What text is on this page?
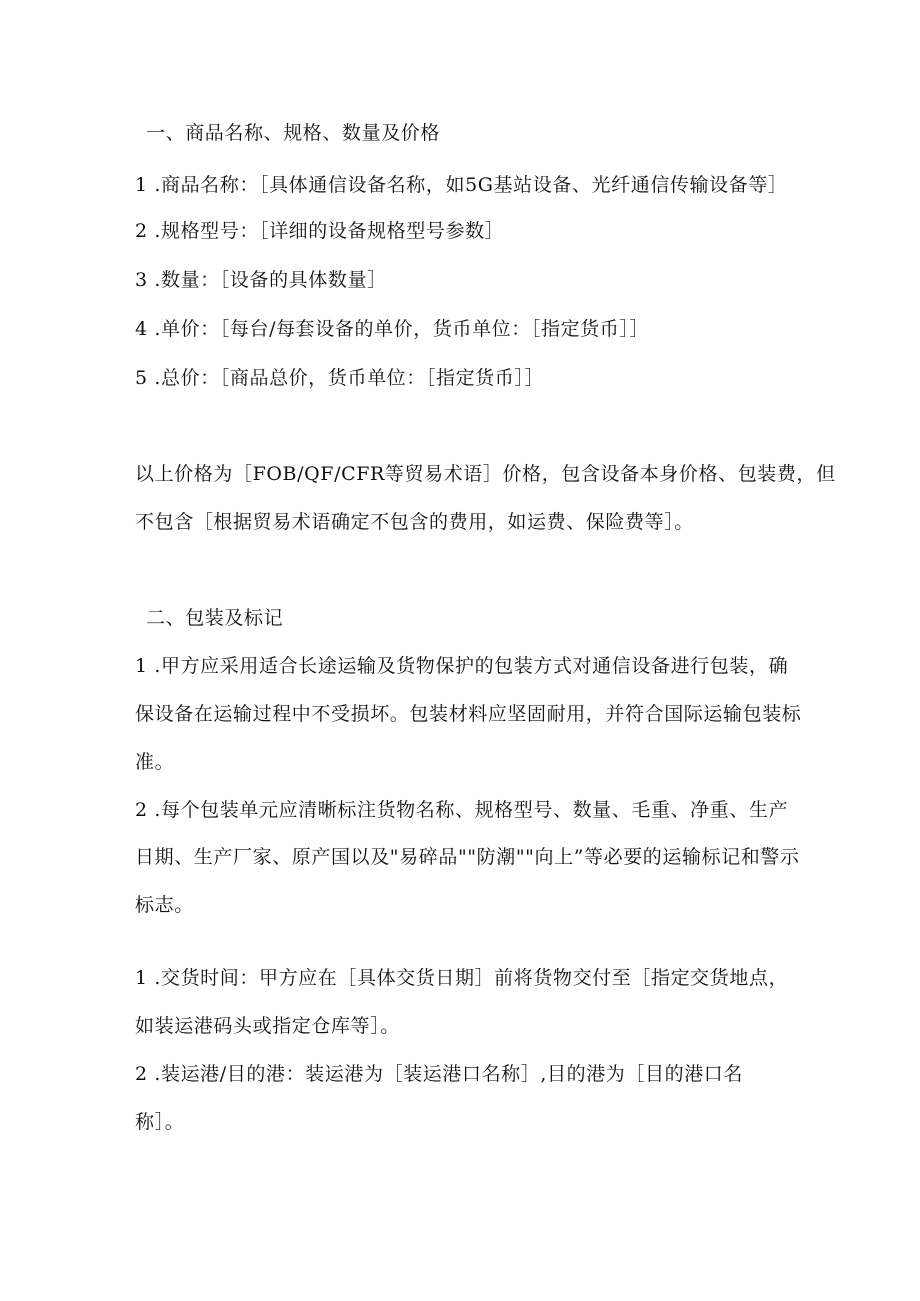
一、商品名称、规格、数量及价格
1 .商品名称：［具体通信设备名称，如5G基站设备、光纤通信传输设备等］
2 .规格型号：［详细的设备规格型号参数］
3 .数量：［设备的具体数量］
4 .单价：［每台/每套设备的单价，货币单位：［指定货币］］
5 .总价：［商品总价，货币单位：［指定货币］］
以上价格为［FOB/QF/CFR等贸易术语］价格，包含设备本身价格、包装费，但
不包含［根据贸易术语确定不包含的费用，如运费、保险费等］。
二、包装及标记
1 .甲方应采用适合长途运输及货物保护的包装方式对通信设备进行包装，确
保设备在运输过程中不受损坏。包装材料应坚固耐用，并符合国际运输包装标
准。
2 .每个包装单元应清晰标注货物名称、规格型号、数量、毛重、净重、生产
日期、生产厂家、原产国以及"易碎品""防潮""向上”等必要的运输标记和警示
标志。
1 .交货时间：甲方应在［具体交货日期］前将货物交付至［指定交货地点，
如装运港码头或指定仓库等］。
2 .装运港/目的港：装运港为［装运港口名称］,目的港为［目的港口名
称］。
